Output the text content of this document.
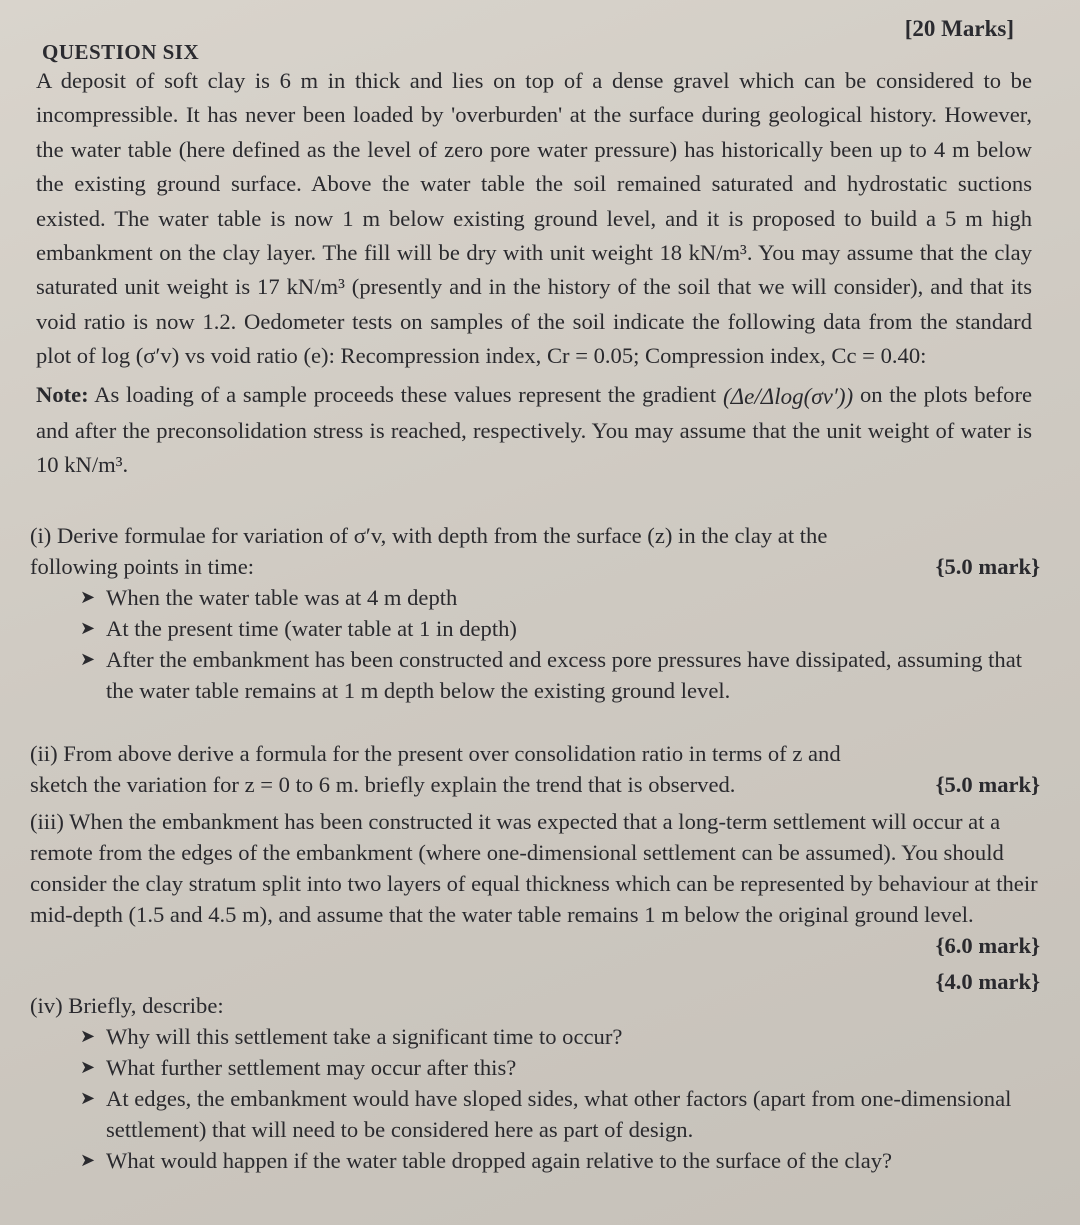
[20 Marks]
QUESTION SIX

A deposit of soft clay is 6 m in thick and lies on top of a dense gravel which can be considered to be incompressible. It has never been loaded by 'overburden' at the surface during geological history. However, the water table (here defined as the level of zero pore water pressure) has historically been up to 4 m below the existing ground surface. Above the water table the soil remained saturated and hydrostatic suctions existed. The water table is now 1 m below existing ground level, and it is proposed to build a 5 m high embankment on the clay layer. The fill will be dry with unit weight 18 kN/m³. You may assume that the clay saturated unit weight is 17 kN/m³ (presently and in the history of the soil that we will consider), and that its void ratio is now 1.2. Oedometer tests on samples of the soil indicate the following data from the standard plot of log (σ′v) vs void ratio (e): Recompression index, Cr = 0.05; Compression index, Cc = 0.40:

Note: As loading of a sample proceeds these values represent the gradient (Δe/Δlog(σv′)) on the plots before and after the preconsolidation stress is reached, respectively. You may assume that the unit weight of water is 10 kN/m³.

(i) Derive formulae for variation of σ′v, with depth from the surface (z) in the clay at the following points in time:	{5.0 mark}
➤ When the water table was at 4 m depth
➤ At the present time (water table at 1 in depth)
➤ After the embankment has been constructed and excess pore pressures have dissipated, assuming that the water table remains at 1 m depth below the existing ground level.
(ii) From above derive a formula for the present over consolidation ratio in terms of z and sketch the variation for z = 0 to 6 m. briefly explain the trend that is observed.	{5.0 mark}
(iii) When the embankment has been constructed it was expected that a long-term settlement will occur at a remote from the edges of the embankment (where one-dimensional settlement can be assumed). You should consider the clay stratum split into two layers of equal thickness which can be represented by behaviour at their mid-depth (1.5 and 4.5 m), and assume that the water table remains 1 m below the original ground level.
{6.0 mark}
(iv) Briefly, describe:
{4.0 mark}
➤ Why will this settlement take a significant time to occur?
➤ What further settlement may occur after this?
➤ At edges, the embankment would have sloped sides, what other factors (apart from one-dimensional settlement) that will need to be considered here as part of design.
➤ What would happen if the water table dropped again relative to the surface of the clay?
